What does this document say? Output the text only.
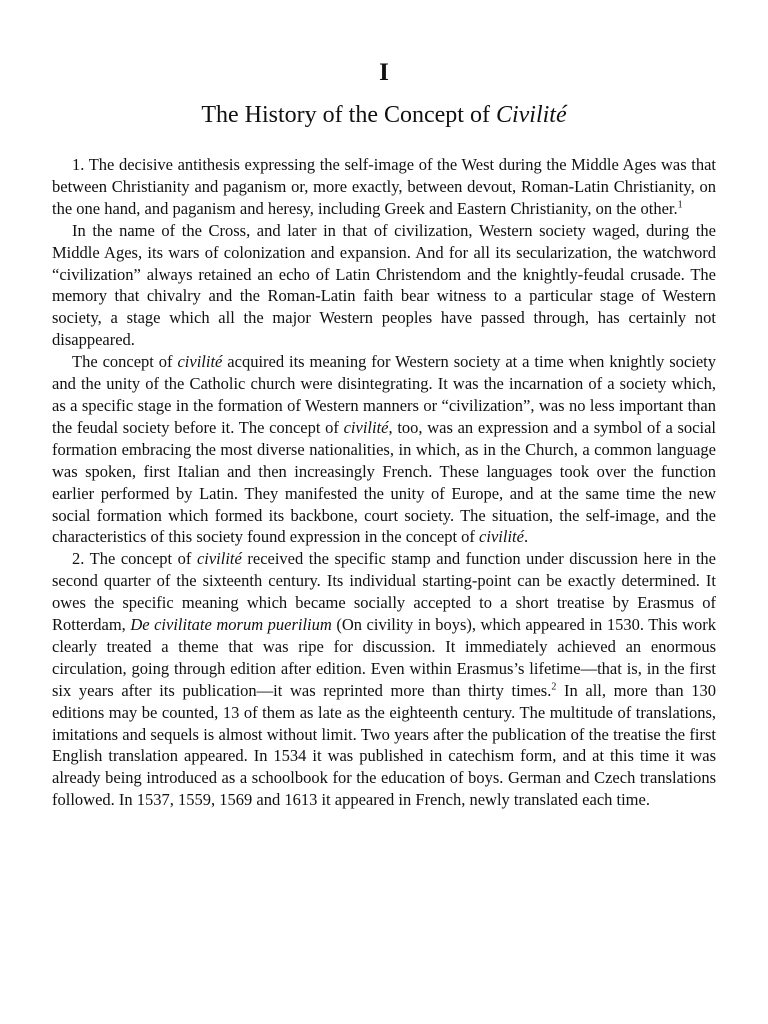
I
The History of the Concept of Civilité

1. The decisive antithesis expressing the self-image of the West during the Middle Ages was that between Christianity and paganism or, more exactly, between devout, Roman-Latin Christianity, on the one hand, and paganism and heresy, including Greek and Eastern Christianity, on the other.$^1$

In the name of the Cross, and later in that of civilization, Western society waged, during the Middle Ages, its wars of colonization and expansion. And for all its secularization, the watchword “civilization” always retained an echo of Latin Christendom and the knightly-feudal crusade. The memory that chivalry and the Roman-Latin faith bear witness to a particular stage of Western society, a stage which all the major Western peoples have passed through, has certainly not disappeared.

The concept of civilité acquired its meaning for Western society at a time when knightly society and the unity of the Catholic church were disintegrating. It was the incarnation of a society which, as a specific stage in the formation of Western manners or “civilization”, was no less important than the feudal society before it. The concept of civilité, too, was an expression and a symbol of a social formation embracing the most diverse nationalities, in which, as in the Church, a common language was spoken, first Italian and then increasingly French. These languages took over the function earlier performed by Latin. They manifested the unity of Europe, and at the same time the new social formation which formed its backbone, court society. The situation, the self-image, and the characteristics of this society found expression in the concept of civilité.

2. The concept of civilité received the specific stamp and function under discussion here in the second quarter of the sixteenth century. Its individual starting-point can be exactly determined. It owes the specific meaning which became socially accepted to a short treatise by Erasmus of Rotterdam, De civilitate morum puerilium (On civility in boys), which appeared in 1530. This work clearly treated a theme that was ripe for discussion. It immediately achieved an enormous circulation, going through edition after edition. Even within Erasmus’s lifetime—that is, in the first six years after its publication—it was reprinted more than thirty times.$^2$ In all, more than 130 editions may be counted, 13 of them as late as the eighteenth century. The multitude of translations, imitations and sequels is almost without limit. Two years after the publication of the treatise the first English translation appeared. In 1534 it was published in catechism form, and at this time it was already being introduced as a schoolbook for the education of boys. German and Czech translations followed. In 1537, 1559, 1569 and 1613 it appeared in French, newly translated each time.
